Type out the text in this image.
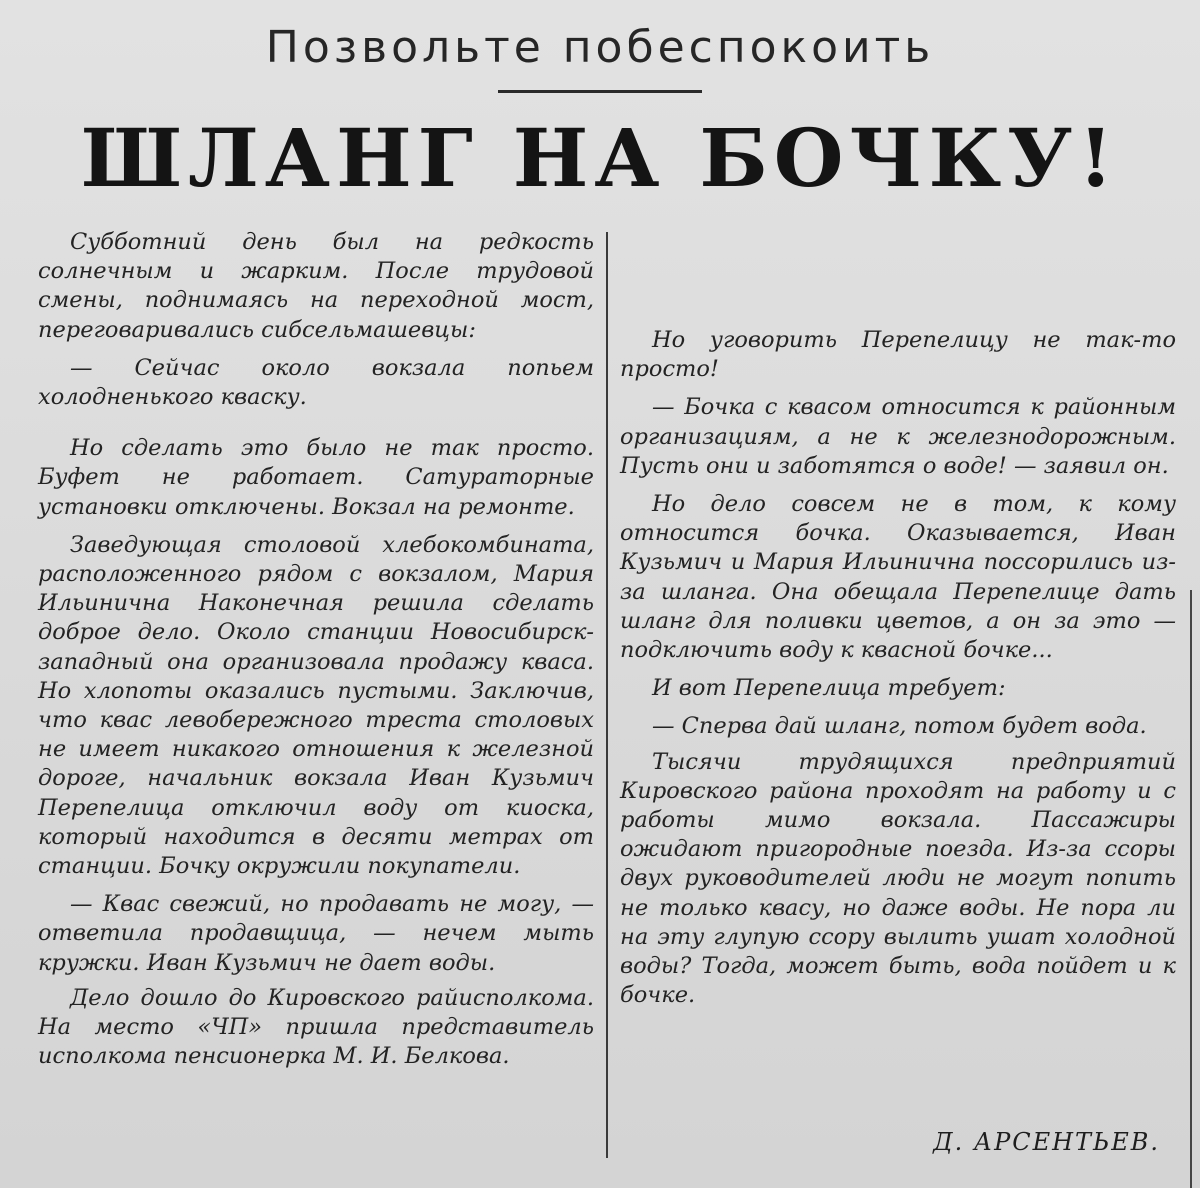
Позвольте побеспокоить
ШЛАНГ НА БОЧКУ!

Субботний день был на редкость солнечным и жарким. После трудовой смены, поднимаясь на переходной мост, переговаривались сибсельмашевцы:

— Сейчас около вокзала попьем холодненького кваску.

Но сделать это было не так просто. Буфет не работает. Сатураторные установки отключены. Вокзал на ремонте.

Заведующая столовой хлебокомбината, расположенного рядом с вокзалом, Мария Ильинична Наконечная решила сделать доброе дело. Около станции Новосибирск-западный она организовала продажу кваса. Но хлопоты оказались пустыми. Заключив, что квас левобережного треста столовых не имеет никакого отношения к железной дороге, начальник вокзала Иван Кузьмич Перепелица отключил воду от киоска, который находится в десяти метрах от станции. Бочку окружили покупатели.

— Квас свежий, но продавать не могу, — ответила продавщица, — нечем мыть кружки. Иван Кузьмич не дает воды.

Дело дошло до Кировского райисполкома. На место «ЧП» пришла представитель исполкома пенсионерка М. И. Белкова.

Но уговорить Перепелицу не так-то просто!

— Бочка с квасом относится к районным организациям, а не к железнодорожным. Пусть они и заботятся о воде! — заявил он.

Но дело совсем не в том, к кому относится бочка. Оказывается, Иван Кузьмич и Мария Ильинична поссорились из-за шланга. Она обещала Перепелице дать шланг для поливки цветов, а он за это — подключить воду к квасной бочке...

И вот Перепелица требует:

— Сперва дай шланг, потом будет вода.

Тысячи трудящихся предприятий Кировского района проходят на работу и с работы мимо вокзала. Пассажиры ожидают пригородные поезда. Из-за ссоры двух руководителей люди не могут попить не только квасу, но даже воды. Не пора ли на эту глупую ссору вылить ушат холодной воды? Тогда, может быть, вода пойдет и к бочке.

Д. АРСЕНТЬЕВ.
